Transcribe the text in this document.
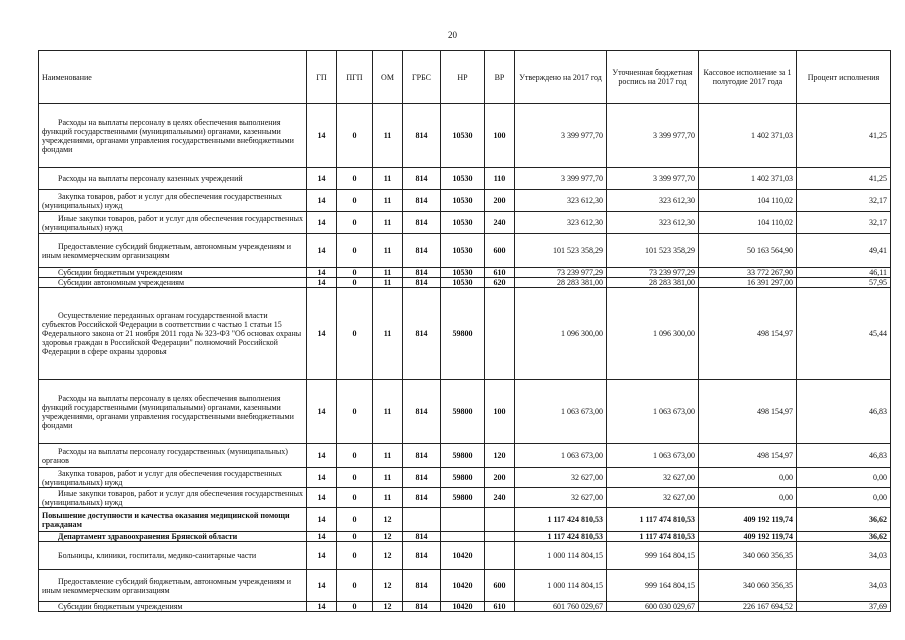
20
Наименование	ГП	ПГП	ОМ	ГРБС	НР	ВР	Утверждено на 2017 год	Уточненная бюджетная роспись на 2017 год	Кассовое исполнение за 1 полугодие 2017 года	Процент исполнения
Расходы на выплаты персоналу в целях обеспечения выполнения функций государственными (муниципальными) органами, казенными учреждениями, органами управления государственными внебюджетными фондами	14	0	11	814	10530	100	3 399 977,70	3 399 977,70	1 402 371,03	41,25
Расходы на выплаты персоналу казенных учреждений	14	0	11	814	10530	110	3 399 977,70	3 399 977,70	1 402 371,03	41,25
Закупка товаров, работ и услуг для обеспечения государственных (муниципальных) нужд	14	0	11	814	10530	200	323 612,30	323 612,30	104 110,02	32,17
Иные закупки товаров, работ и услуг для обеспечения государственных (муниципальных) нужд	14	0	11	814	10530	240	323 612,30	323 612,30	104 110,02	32,17
Предоставление субсидий бюджетным, автономным учреждениям и иным некоммерческим организациям	14	0	11	814	10530	600	101 523 358,29	101 523 358,29	50 163 564,90	49,41
Субсидии бюджетным учреждениям	14	0	11	814	10530	610	73 239 977,29	73 239 977,29	33 772 267,90	46,11
Субсидии автономным учреждениям	14	0	11	814	10530	620	28 283 381,00	28 283 381,00	16 391 297,00	57,95
Осуществление переданных органам государственной власти субъектов Российской Федерации в соответствии с частью 1 статьи 15 Федерального закона от 21 ноября 2011 года № 323-ФЗ "Об основах охраны здоровья граждан в Российской Федерации" полномочий Российской Федерации в сфере охраны здоровья	14	0	11	814	59800		1 096 300,00	1 096 300,00	498 154,97	45,44
Расходы на выплаты персоналу в целях обеспечения выполнения функций государственными (муниципальными) органами, казенными учреждениями, органами управления государственными внебюджетными фондами	14	0	11	814	59800	100	1 063 673,00	1 063 673,00	498 154,97	46,83
Расходы на выплаты персоналу государственных (муниципальных) органов	14	0	11	814	59800	120	1 063 673,00	1 063 673,00	498 154,97	46,83
Закупка товаров, работ и услуг для обеспечения государственных (муниципальных) нужд	14	0	11	814	59800	200	32 627,00	32 627,00	0,00	0,00
Иные закупки товаров, работ и услуг для обеспечения государственных (муниципальных) нужд	14	0	11	814	59800	240	32 627,00	32 627,00	0,00	0,00
Повышение доступности и качества оказания медицинской помощи гражданам	14	0	12				1 117 424 810,53	1 117 474 810,53	409 192 119,74	36,62
Департамент здравоохранения Брянской области	14	0	12	814			1 117 424 810,53	1 117 474 810,53	409 192 119,74	36,62
Больницы, клиники, госпитали, медико-санитарные части	14	0	12	814	10420		1 000 114 804,15	999 164 804,15	340 060 356,35	34,03
Предоставление субсидий бюджетным, автономным учреждениям и иным некоммерческим организациям	14	0	12	814	10420	600	1 000 114 804,15	999 164 804,15	340 060 356,35	34,03
Субсидии бюджетным учреждениям	14	0	12	814	10420	610	601 760 029,67	600 030 029,67	226 167 694,52	37,69
